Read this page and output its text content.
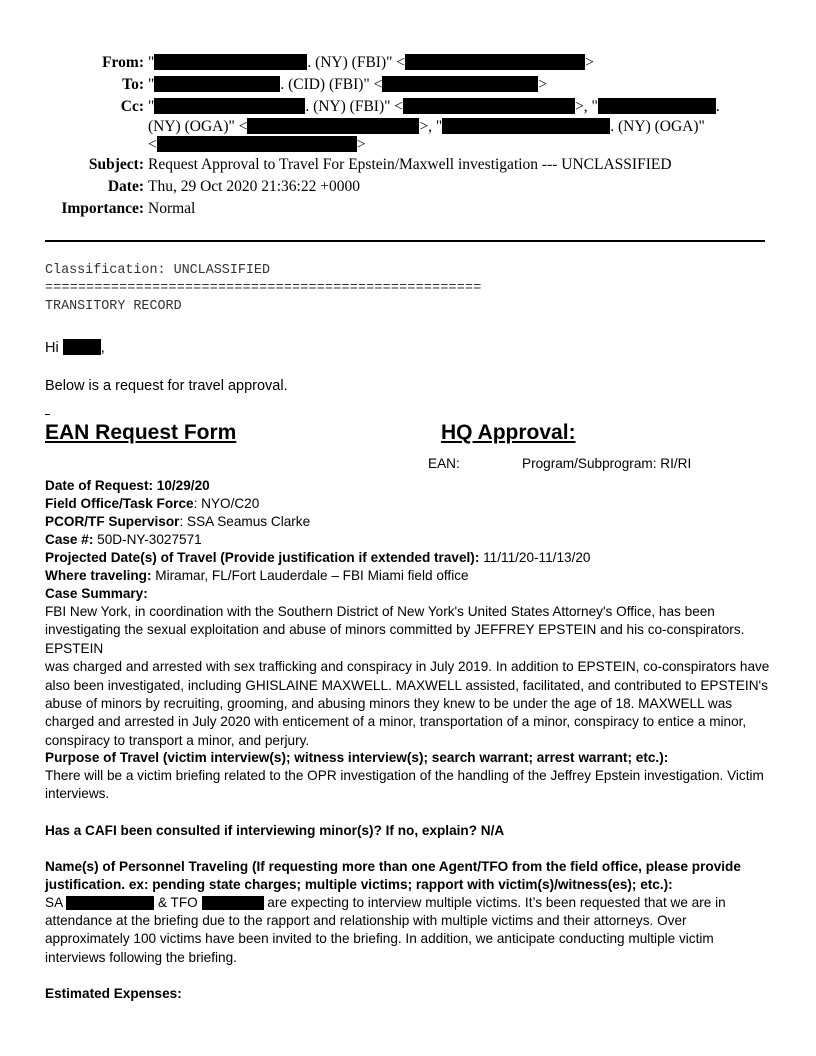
From: "	. (NY) (FBI)" <	>
To: "	. (CID) (FBI)" <	>
Cc: "	. (NY) (FBI)" <	>, "	.
(NY) (OGA)" <	>, "	. (NY) (OGA)"
<	>
Subject: Request Approval to Travel For Epstein/Maxwell investigation --- UNCLASSIFIED
Date: Thu, 29 Oct 2020 21:36:22 +0000
Importance: Normal
Classification: UNCLASSIFIED
=====================================================
TRANSITORY RECORD
Hi	,
Below is a request for travel approval.
EAN Request Form	HQ Approval:
EAN:	Program/Subprogram: RI/RI
Date of Request: 10/29/20
Field Office/Task Force: NYO/C20
PCOR/TF Supervisor: SSA Seamus Clarke
Case #: 50D-NY-3027571
Projected Date(s) of Travel (Provide justification if extended travel): 11/11/20-11/13/20
Where traveling: Miramar, FL/Fort Lauderdale – FBI Miami field office
Case Summary:
FBI New York, in coordination with the Southern District of New York's United States Attorney's Office, has been
investigating the sexual exploitation and abuse of minors committed by JEFFREY EPSTEIN and his co-conspirators. EPSTEIN
was charged and arrested with sex trafficking and conspiracy in July 2019. In addition to EPSTEIN, co-conspirators have
also been investigated, including GHISLAINE MAXWELL. MAXWELL assisted, facilitated, and contributed to EPSTEIN's
abuse of minors by recruiting, grooming, and abusing minors they knew to be under the age of 18. MAXWELL was
charged and arrested in July 2020 with enticement of a minor, transportation of a minor, conspiracy to entice a minor,
conspiracy to transport a minor, and perjury.
Purpose of Travel (victim interview(s); witness interview(s); search warrant; arrest warrant; etc.):
There will be a victim briefing related to the OPR investigation of the handling of the Jeffrey Epstein investigation. Victim
interviews.
Has a CAFI been consulted if interviewing minor(s)? If no, explain? N/A
Name(s) of Personnel Traveling (If requesting more than one Agent/TFO from the field office, please provide
justification. ex: pending state charges; multiple victims; rapport with victim(s)/witness(es); etc.):
SA	& TFO	are expecting to interview multiple victims. It’s been requested that we are in
attendance at the briefing due to the rapport and relationship with multiple victims and their attorneys. Over
approximately 100 victims have been invited to the briefing. In addition, we anticipate conducting multiple victim
interviews following the briefing.
Estimated Expenses:
